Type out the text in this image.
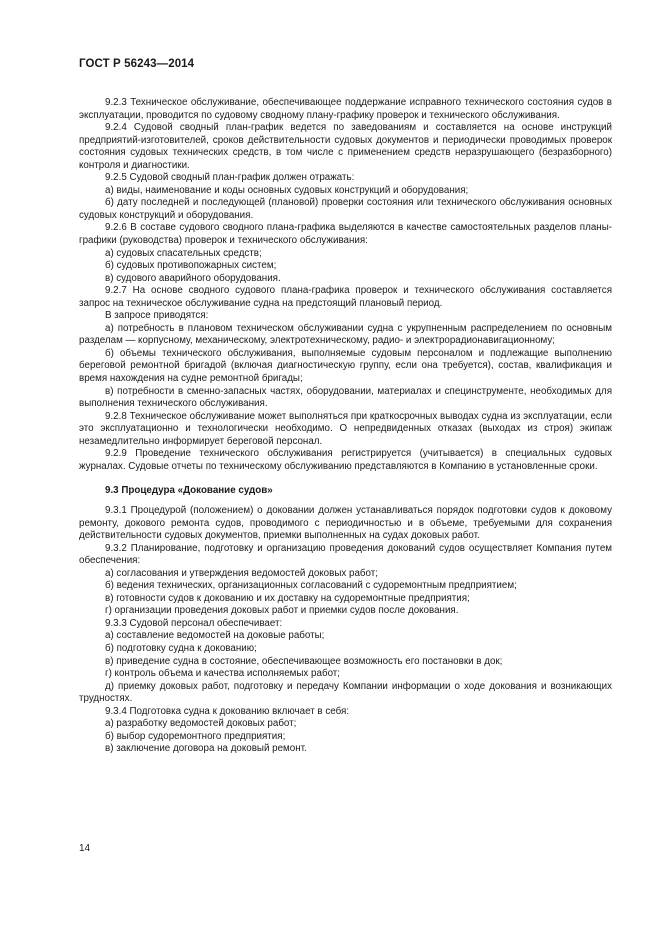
ГОСТ Р 56243—2014

9.2.3 Техническое обслуживание, обеспечивающее поддержание исправного технического состояния судов в эксплуатации, проводится по судовому сводному плану-графику проверок и технического обслуживания.

9.2.4 Судовой сводный план-график ведется по заведованиям и составляется на основе инструкций предприятий-изготовителей, сроков действительности судовых документов и периодически проводимых проверок состояния судовых технических средств, в том числе с применением средств неразрушающего (безразборного) контроля и диагностики.

9.2.5 Судовой сводный план-график должен отражать:

а) виды, наименование и коды основных судовых конструкций и оборудования;

б) дату последней и последующей (плановой) проверки состояния или технического обслуживания основных судовых конструкций и оборудования.

9.2.6 В составе судового сводного плана-графика выделяются в качестве самостоятельных разделов планы-графики (руководства) проверок и технического обслуживания:

а) судовых спасательных средств;

б) судовых противопожарных систем;

в) судового аварийного оборудования.

9.2.7 На основе сводного судового плана-графика проверок и технического обслуживания составляется запрос на техническое обслуживание судна на предстоящий плановый период.

В запросе приводятся:

а) потребность в плановом техническом обслуживании судна с укрупненным распределением по основным разделам — корпусному, механическому, электротехническому, радио- и электрорадионавигационному;

б) объемы технического обслуживания, выполняемые судовым персоналом и подлежащие выполнению береговой ремонтной бригадой (включая диагностическую группу, если она требуется), состав, квалификация и время нахождения на судне ремонтной бригады;

в) потребности в сменно-запасных частях, оборудовании, материалах и специнструменте, необходимых для выполнения технического обслуживания.

9.2.8 Техническое обслуживание может выполняться при краткосрочных выводах судна из эксплуатации, если это эксплуатационно и технологически необходимо. О непредвиденных отказах (выходах из строя) экипаж незамедлительно информирует береговой персонал.

9.2.9 Проведение технического обслуживания регистрируется (учитывается) в специальных судовых журналах. Судовые отчеты по техническому обслуживанию представляются в Компанию в установленные сроки.

9.3 Процедура «Докование судов»

9.3.1 Процедурой (положением) о доковании должен устанавливаться порядок подготовки судов к доковому ремонту, докового ремонта судов, проводимого с периодичностью и в объеме, требуемыми для сохранения действительности судовых документов, приемки выполненных на судах доковых работ.

9.3.2 Планирование, подготовку и организацию проведения докований судов осуществляет Компания путем обеспечения:

а) согласования и утверждения ведомостей доковых работ;

б) ведения технических, организационных согласований с судоремонтным предприятием;

в) готовности судов к докованию и их доставку на судоремонтные предприятия;

г) организации проведения доковых работ и приемки судов после докования.

9.3.3 Судовой персонал обеспечивает:

а) составление ведомостей на доковые работы;

б) подготовку судна к докованию;

в) приведение судна в состояние, обеспечивающее возможность его постановки в док;

г) контроль объема и качества исполняемых работ;

д) приемку доковых работ, подготовку и передачу Компании информации о ходе докования и возникающих трудностях.

9.3.4 Подготовка судна к докованию включает в себя:

а) разработку ведомостей доковых работ;

б) выбор судоремонтного предприятия;

в) заключение договора на доковый ремонт.

14
